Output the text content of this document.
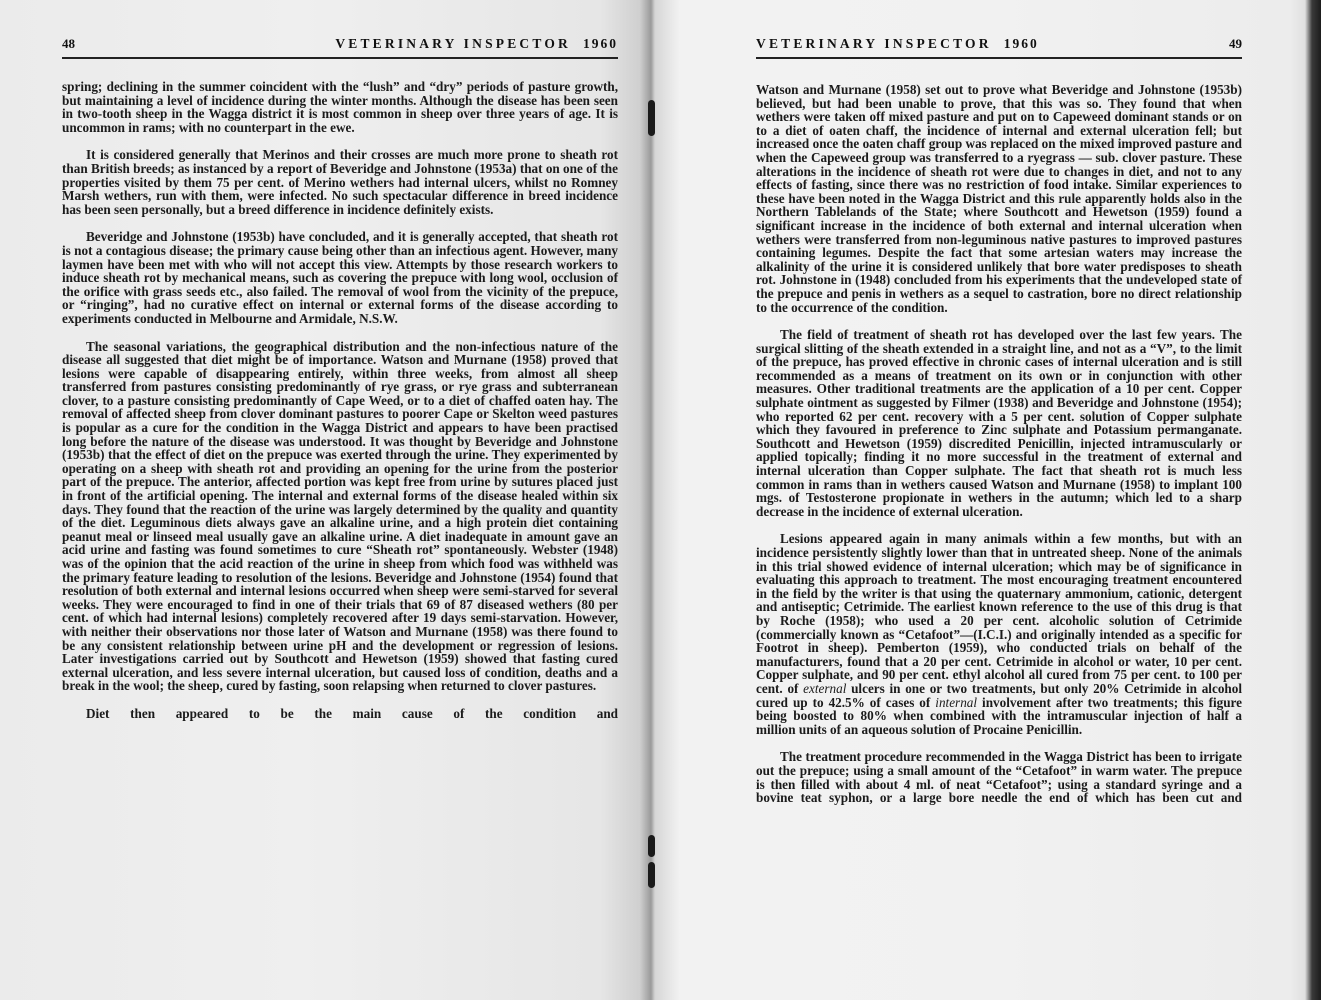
48	VETERINARY INSPECTOR 1960

spring; declining in the summer coincident with the “lush” and “dry” periods of pasture growth, but maintaining a level of incidence during the winter months. Although the disease has been seen in two-tooth sheep in the Wagga district it is most common in sheep over three years of age. It is uncommon in rams; with no counterpart in the ewe.

It is considered generally that Merinos and their crosses are much more prone to sheath rot than British breeds; as instanced by a report of Beveridge and Johnstone (1953a) that on one of the properties visited by them 75 per cent. of Merino wethers had internal ulcers, whilst no Romney Marsh wethers, run with them, were infected. No such spectacular difference in breed incidence has been seen personally, but a breed difference in incidence definitely exists.

Beveridge and Johnstone (1953b) have concluded, and it is generally accepted, that sheath rot is not a contagious disease; the primary cause being other than an infectious agent. However, many laymen have been met with who will not accept this view. Attempts by those research workers to induce sheath rot by mechanical means, such as covering the prepuce with long wool, occlusion of the orifice with grass seeds etc., also failed. The removal of wool from the vicinity of the prepuce, or “ringing”, had no curative effect on internal or external forms of the disease according to experiments conducted in Melbourne and Armidale, N.S.W.

The seasonal variations, the geographical distribution and the non-infectious nature of the disease all suggested that diet might be of importance. Watson and Murnane (1958) proved that lesions were capable of disappearing entirely, within three weeks, from almost all sheep transferred from pastures consisting predominantly of rye grass, or rye grass and subterranean clover, to a pasture consisting predominantly of Cape Weed, or to a diet of chaffed oaten hay. The removal of affected sheep from clover dominant pastures to poorer Cape or Skelton weed pastures is popular as a cure for the condition in the Wagga District and appears to have been practised long before the nature of the disease was understood. It was thought by Beveridge and Johnstone (1953b) that the effect of diet on the prepuce was exerted through the urine. They experimented by operating on a sheep with sheath rot and providing an opening for the urine from the posterior part of the prepuce. The anterior, affected portion was kept free from urine by sutures placed just in front of the artificial opening. The internal and external forms of the disease healed within six days. They found that the reaction of the urine was largely determined by the quality and quantity of the diet. Leguminous diets always gave an alkaline urine, and a high protein diet containing peanut meal or linseed meal usually gave an alkaline urine. A diet inadequate in amount gave an acid urine and fasting was found sometimes to cure “Sheath rot” spontaneously. Webster (1948) was of the opinion that the acid reaction of the urine in sheep from which food was withheld was the primary feature leading to resolution of the lesions. Beveridge and Johnstone (1954) found that resolution of both external and internal lesions occurred when sheep were semi-starved for several weeks. They were encouraged to find in one of their trials that 69 of 87 diseased wethers (80 per cent. of which had internal lesions) completely recovered after 19 days semi-starvation. However, with neither their observations nor those later of Watson and Murnane (1958) was there found to be any consistent relationship between urine pH and the development or regression of lesions. Later investigations carried out by Southcott and Hewetson (1959) showed that fasting cured external ulceration, and less severe internal ulceration, but caused loss of condition, deaths and a break in the wool; the sheep, cured by fasting, soon relapsing when returned to clover pastures.

Diet then appeared to be the main cause of the condition and

VETERINARY INSPECTOR 1960	49

Watson and Murnane (1958) set out to prove what Beveridge and Johnstone (1953b) believed, but had been unable to prove, that this was so. They found that when wethers were taken off mixed pasture and put on to Capeweed dominant stands or on to a diet of oaten chaff, the incidence of internal and external ulceration fell; but increased once the oaten chaff group was replaced on the mixed improved pasture and when the Capeweed group was transferred to a ryegrass — sub. clover pasture. These alterations in the incidence of sheath rot were due to changes in diet, and not to any effects of fasting, since there was no restriction of food intake. Similar experiences to these have been noted in the Wagga District and this rule apparently holds also in the Northern Tablelands of the State; where Southcott and Hewetson (1959) found a significant increase in the incidence of both external and internal ulceration when wethers were transferred from non-leguminous native pastures to improved pastures containing legumes. Despite the fact that some artesian waters may increase the alkalinity of the urine it is considered unlikely that bore water predisposes to sheath rot. Johnstone in (1948) concluded from his experiments that the undeveloped state of the prepuce and penis in wethers as a sequel to castration, bore no direct relationship to the occurrence of the condition.

The field of treatment of sheath rot has developed over the last few years. The surgical slitting of the sheath extended in a straight line, and not as a “V”, to the limit of the prepuce, has proved effective in chronic cases of internal ulceration and is still recommended as a means of treatment on its own or in conjunction with other measures. Other traditional treatments are the application of a 10 per cent. Copper sulphate ointment as suggested by Filmer (1938) and Beveridge and Johnstone (1954); who reported 62 per cent. recovery with a 5 per cent. solution of Copper sulphate which they favoured in preference to Zinc sulphate and Potassium permanganate. Southcott and Hewetson (1959) discredited Penicillin, injected intramuscularly or applied topically; finding it no more successful in the treatment of external and internal ulceration than Copper sulphate. The fact that sheath rot is much less common in rams than in wethers caused Watson and Murnane (1958) to implant 100 mgs. of Testosterone propionate in wethers in the autumn; which led to a sharp decrease in the incidence of external ulceration.

Lesions appeared again in many animals within a few months, but with an incidence persistently slightly lower than that in untreated sheep. None of the animals in this trial showed evidence of internal ulceration; which may be of significance in evaluating this approach to treatment. The most encouraging treatment encountered in the field by the writer is that using the quaternary ammonium, cationic, detergent and antiseptic; Cetrimide. The earliest known reference to the use of this drug is that by Roche (1958); who used a 20 per cent. alcoholic solution of Cetrimide (commercially known as “Cetafoot”—(I.C.I.) and originally intended as a specific for Footrot in sheep). Pemberton (1959), who conducted trials on behalf of the manufacturers, found that a 20 per cent. Cetrimide in alcohol or water, 10 per cent. Copper sulphate, and 90 per cent. ethyl alcohol all cured from 75 per cent. to 100 per cent. of external ulcers in one or two treatments, but only 20% Cetrimide in alcohol cured up to 42.5% of cases of internal involvement after two treatments; this figure being boosted to 80% when combined with the intramuscular injection of half a million units of an aqueous solution of Procaine Penicillin.

The treatment procedure recommended in the Wagga District has been to irrigate out the prepuce; using a small amount of the “Cetafoot” in warm water. The prepuce is then filled with about 4 ml. of neat “Cetafoot”; using a standard syringe and a bovine teat syphon, or a large bore needle the end of which has been cut and
